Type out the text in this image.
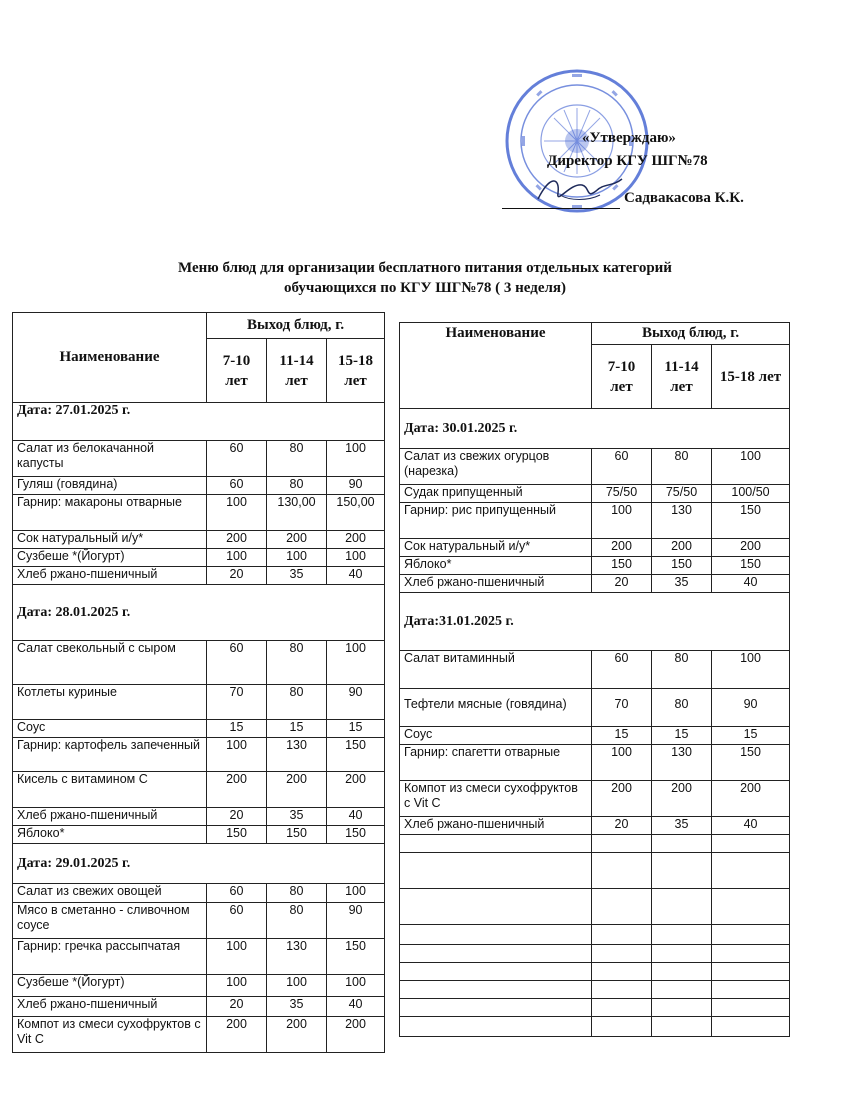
«Утверждаю»
Директор КГУ ШГ№78
Садвакасова К.К.
Меню блюд для организации бесплатного питания отдельных категорий
обучающихся по КГУ ШГ№78 ( 3 неделя)
Наименование	Выход блюд, г.		
	7-10 лет	11-14 лет	15-18 лет
Дата: 27.01.2025 г.			
Салат из белокачанной капусты	60	80	100
Гуляш (говядина)	60	80	90
Гарнир: макароны отварные	100	130,00	150,00
Сок натуральный и/у*	200	200	200
Сузбеше *(Йогурт)	100	100	100
Хлеб ржано-пшеничный	20	35	40
Дата: 28.01.2025 г.			
Салат свекольный с сыром	60	80	100
Котлеты куриные	70	80	90
Соус	15	15	15
Гарнир: картофель запеченный	100	130	150
Кисель с витамином С	200	200	200
Хлеб ржано-пшеничный	20	35	40
Яблоко*	150	150	150
Дата: 29.01.2025 г.			
Салат из свежих овощей	60	80	100
Мясо в сметанно - сливочном соусе	60	80	90
Гарнир: гречка рассыпчатая	100	130	150
Сузбеше *(Йогурт)	100	100	100
Хлеб ржано-пшеничный	20	35	40
Компот из смеси сухофруктов с Vit C	200	200	200
Наименование	Выход блюд, г.		
	7-10 лет	11-14 лет	15-18 лет
Дата: 30.01.2025 г.			
Салат из свежих огурцов (нарезка)	60	80	100
Судак припущенный	75/50	75/50	100/50
Гарнир: рис припущенный	100	130	150
Сок натуральный и/у*	200	200	200
Яблоко*	150	150	150
Хлеб ржано-пшеничный	20	35	40
Дата:31.01.2025 г.			
Салат витаминный	60	80	100
Тефтели мясные (говядина)	70	80	90
Соус	15	15	15
Гарнир: спагетти отварные	100	130	150
Компот из смеси сухофруктов с Vit C	200	200	200
Хлеб ржано-пшеничный	20	35	40
